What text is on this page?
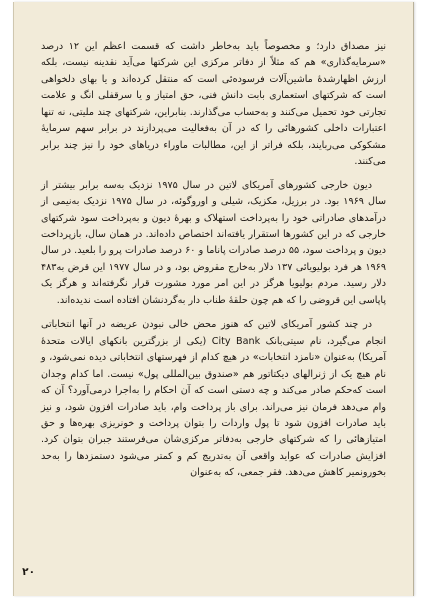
نیز مصداق دارد؛ و مخصوصاً باید به‌خاطر داشت که قسمت اعظم این ۱۲ درصد «سرمایه‌گذاری» هم که مثلاً از دفاتر مرکزی این شرکتها می‌آید نقدینه نیست، بلکه ارزش اظهارشدهٔ ماشین‌آلات فرسوده‌ئی است که منتقل کرده‌اند و یا بهای دلخواهی است که شرکتهای استعماری بابت دانش فنی، حق امتیاز و یا سرقفلی انگ و علامت تجارتی خود تحمیل می‌کنند و به‌حساب می‌گذارند. بنابراین، شرکتهای چند ملیتی، نه تنها اعتبارات داخلی کشورهائی را که در آن به‌فعالیت می‌پردازند در برابر سهم سرمایهٔ مشکوکی می‌ربایند، بلکه فراتر از این، مطالبات ماوراء دریاهای خود را نیز چند برابر می‌کنند.

دیون خارجی کشورهای آمریکای لاتین در سال ۱۹۷۵ نزدیک به‌سه برابر بیشتر از سال ۱۹۶۹ بود. در برزیل، مکزیک، شیلی و اوروگوئه، در سال ۱۹۷۵ نزدیک به‌نیمی از درآمدهای صادراتی خود را به‌پرداخت استهلاک و بهرهٔ دیون و به‌پرداخت سود شرکتهای خارجی که در این کشورها استقرار یافته‌اند اختصاص داده‌اند. در همان سال، بازپرداخت دیون و پرداخت سود، ۵۵ درصد صادرات پاناما و ۶۰ درصد صادرات پرو را بلعید. در سال ۱۹۶۹ هر فرد بولیویائی ۱۳۷ دلار به‌خارج مقروض بود، و در سال ۱۹۷۷ این قرض به۴۸۳ دلار رسید. مردم بولیویا هرگز در این امر مورد مشورت قرار نگرفته‌اند و هرگز یک پاپاسی این قروضی را که هم چون حلقهٔ طناب دار به‌گردنشان افتاده است ندیده‌اند.

در چند کشور آمریکای لاتین که هنوز محض خالی نبودن عریضه در آنها انتخاباتی انجام می‌گیرد، نام سیتی‌بانک City Bank (یکی از بزرگترین بانکهای ایالات متحدهٔ آمریکا) به‌عنوان «نامزد انتخابات» در هیچ کدام از فهرستهای انتخاباتی دیده نمی‌شود، و نام هیچ یک از ژنرالهای دیکتاتور هم «صندوق بین‌المللی پول» نیست. اما کدام وجدان است که‌حکم صادر می‌کند و چه دستی است که آن احکام را به‌اجرا درمی‌آورد؟ آن که وام می‌دهد فرمان نیز می‌راند. برای باز پرداخت وام، باید صادرات افزون شود، و نیز باید صادرات افزون شود تا پول واردات را بتوان پرداخت و خونریزی بهره‌ها و حق امتیازهائی را که شرکتهای خارجی به‌دفاتر مرکزی‌شان می‌فرستند جبران بتوان کرد. افزایش صادرات که عواید واقعی آن به‌تدریج کم و کمتر می‌شود دستمزدها را به‌حد بخورونمیر کاهش می‌دهد. فقر جمعی، که به‌عنوان

۲۰
